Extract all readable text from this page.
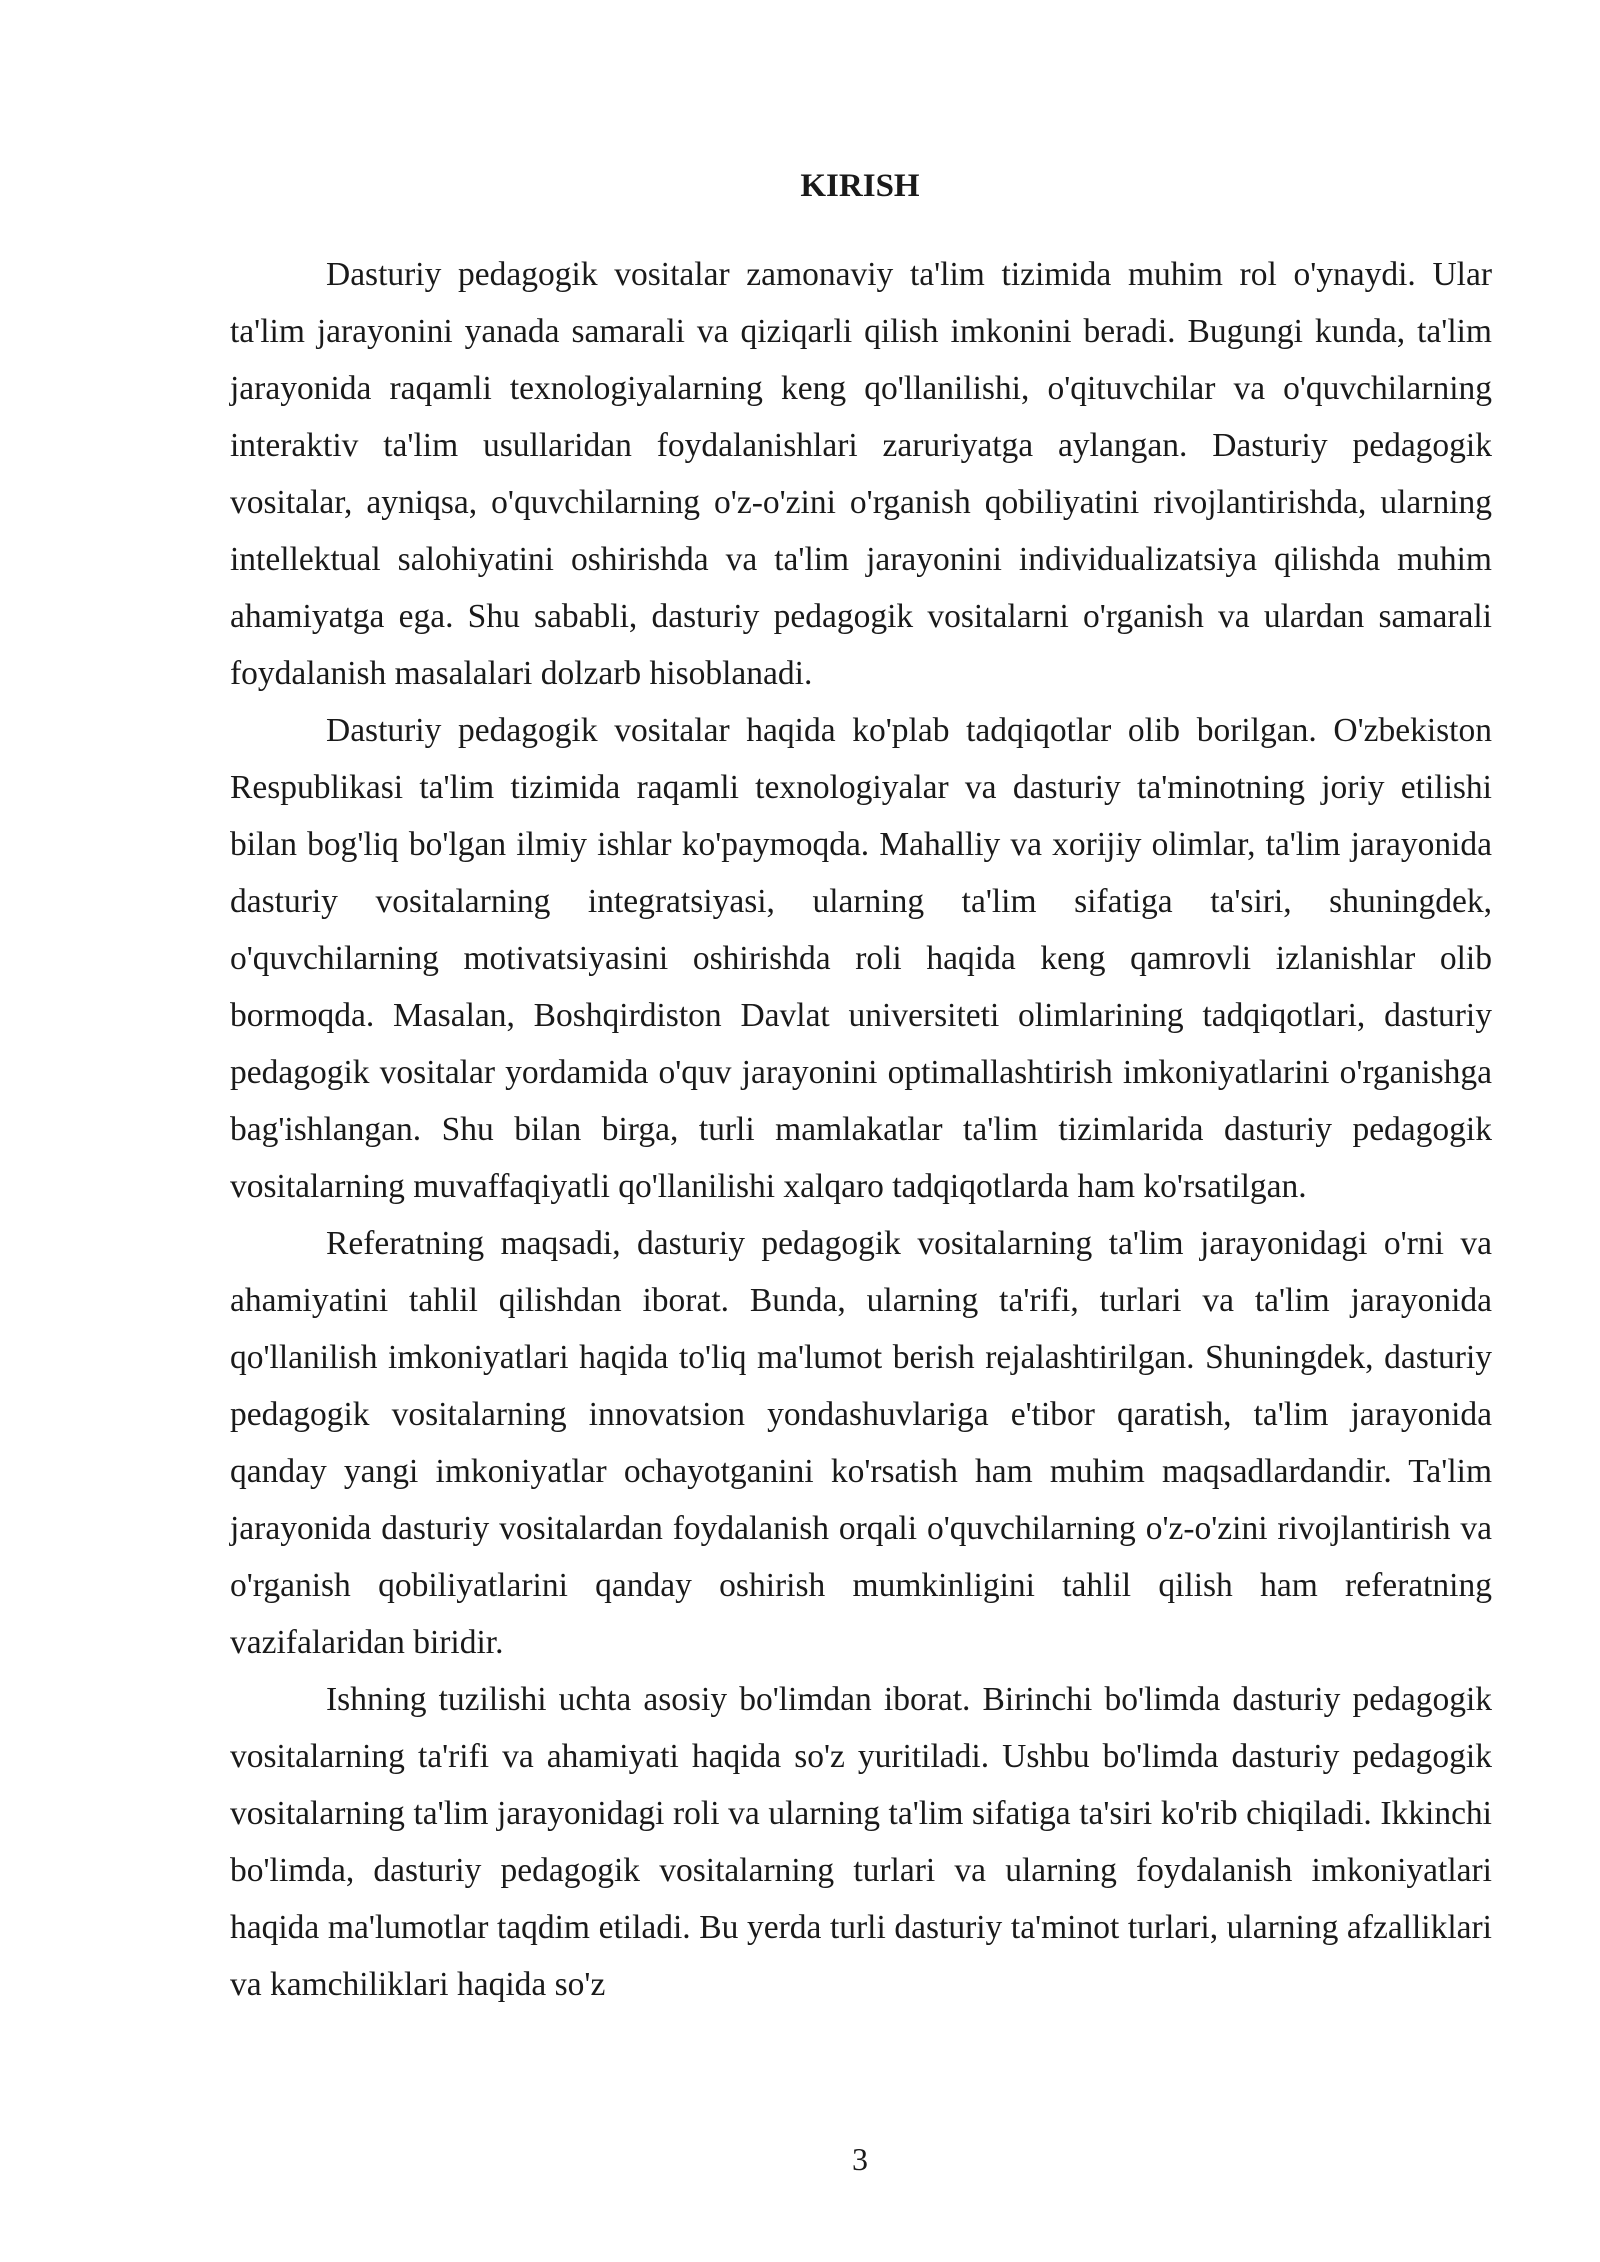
KIRISH

Dasturiy pedagogik vositalar zamonaviy ta'lim tizimida muhim rol o'ynaydi. Ular ta'lim jarayonini yanada samarali va qiziqarli qilish imkonini beradi. Bugungi kunda, ta'lim jarayonida raqamli texnologiyalarning keng qo'llanilishi, o'qituvchilar va o'quvchilarning interaktiv ta'lim usullaridan foydalanishlari zaruriyatga aylangan. Dasturiy pedagogik vositalar, ayniqsa, o'quvchilarning o'z-o'zini o'rganish qobiliyatini rivojlantirishda, ularning intellektual salohiyatini oshirishda va ta'lim jarayonini individualizatsiya qilishda muhim ahamiyatga ega. Shu sababli, dasturiy pedagogik vositalarni o'rganish va ulardan samarali foydalanish masalalari dolzarb hisoblanadi.

Dasturiy pedagogik vositalar haqida ko'plab tadqiqotlar olib borilgan. O'zbekiston Respublikasi ta'lim tizimida raqamli texnologiyalar va dasturiy ta'minotning joriy etilishi bilan bog'liq bo'lgan ilmiy ishlar ko'paymoqda. Mahalliy va xorijiy olimlar, ta'lim jarayonida dasturiy vositalarning integratsiyasi, ularning ta'lim sifatiga ta'siri, shuningdek, o'quvchilarning motivatsiyasini oshirishda roli haqida keng qamrovli izlanishlar olib bormoqda. Masalan, Boshqirdiston Davlat universiteti olimlarining tadqiqotlari, dasturiy pedagogik vositalar yordamida o'quv jarayonini optimallashtirish imkoniyatlarini o'rganishga bag'ishlangan. Shu bilan birga, turli mamlakatlar ta'lim tizimlarida dasturiy pedagogik vositalarning muvaffaqiyatli qo'llanilishi xalqaro tadqiqotlarda ham ko'rsatilgan.

Referatning maqsadi, dasturiy pedagogik vositalarning ta'lim jarayonidagi o'rni va ahamiyatini tahlil qilishdan iborat. Bunda, ularning ta'rifi, turlari va ta'lim jarayonida qo'llanilish imkoniyatlari haqida to'liq ma'lumot berish rejalashtirilgan. Shuningdek, dasturiy pedagogik vositalarning innovatsion yondashuvlariga e'tibor qaratish, ta'lim jarayonida qanday yangi imkoniyatlar ochayotganini ko'rsatish ham muhim maqsadlardandir. Ta'lim jarayonida dasturiy vositalardan foydalanish orqali o'quvchilarning o'z-o'zini rivojlantirish va o'rganish qobiliyatlarini qanday oshirish mumkinligini tahlil qilish ham referatning vazifalaridan biridir.

Ishning tuzilishi uchta asosiy bo'limdan iborat. Birinchi bo'limda dasturiy pedagogik vositalarning ta'rifi va ahamiyati haqida so'z yuritiladi. Ushbu bo'limda dasturiy pedagogik vositalarning ta'lim jarayonidagi roli va ularning ta'lim sifatiga ta'siri ko'rib chiqiladi. Ikkinchi bo'limda, dasturiy pedagogik vositalarning turlari va ularning foydalanish imkoniyatlari haqida ma'lumotlar taqdim etiladi. Bu yerda turli dasturiy ta'minot turlari, ularning afzalliklari va kamchiliklari haqida so'z

3
